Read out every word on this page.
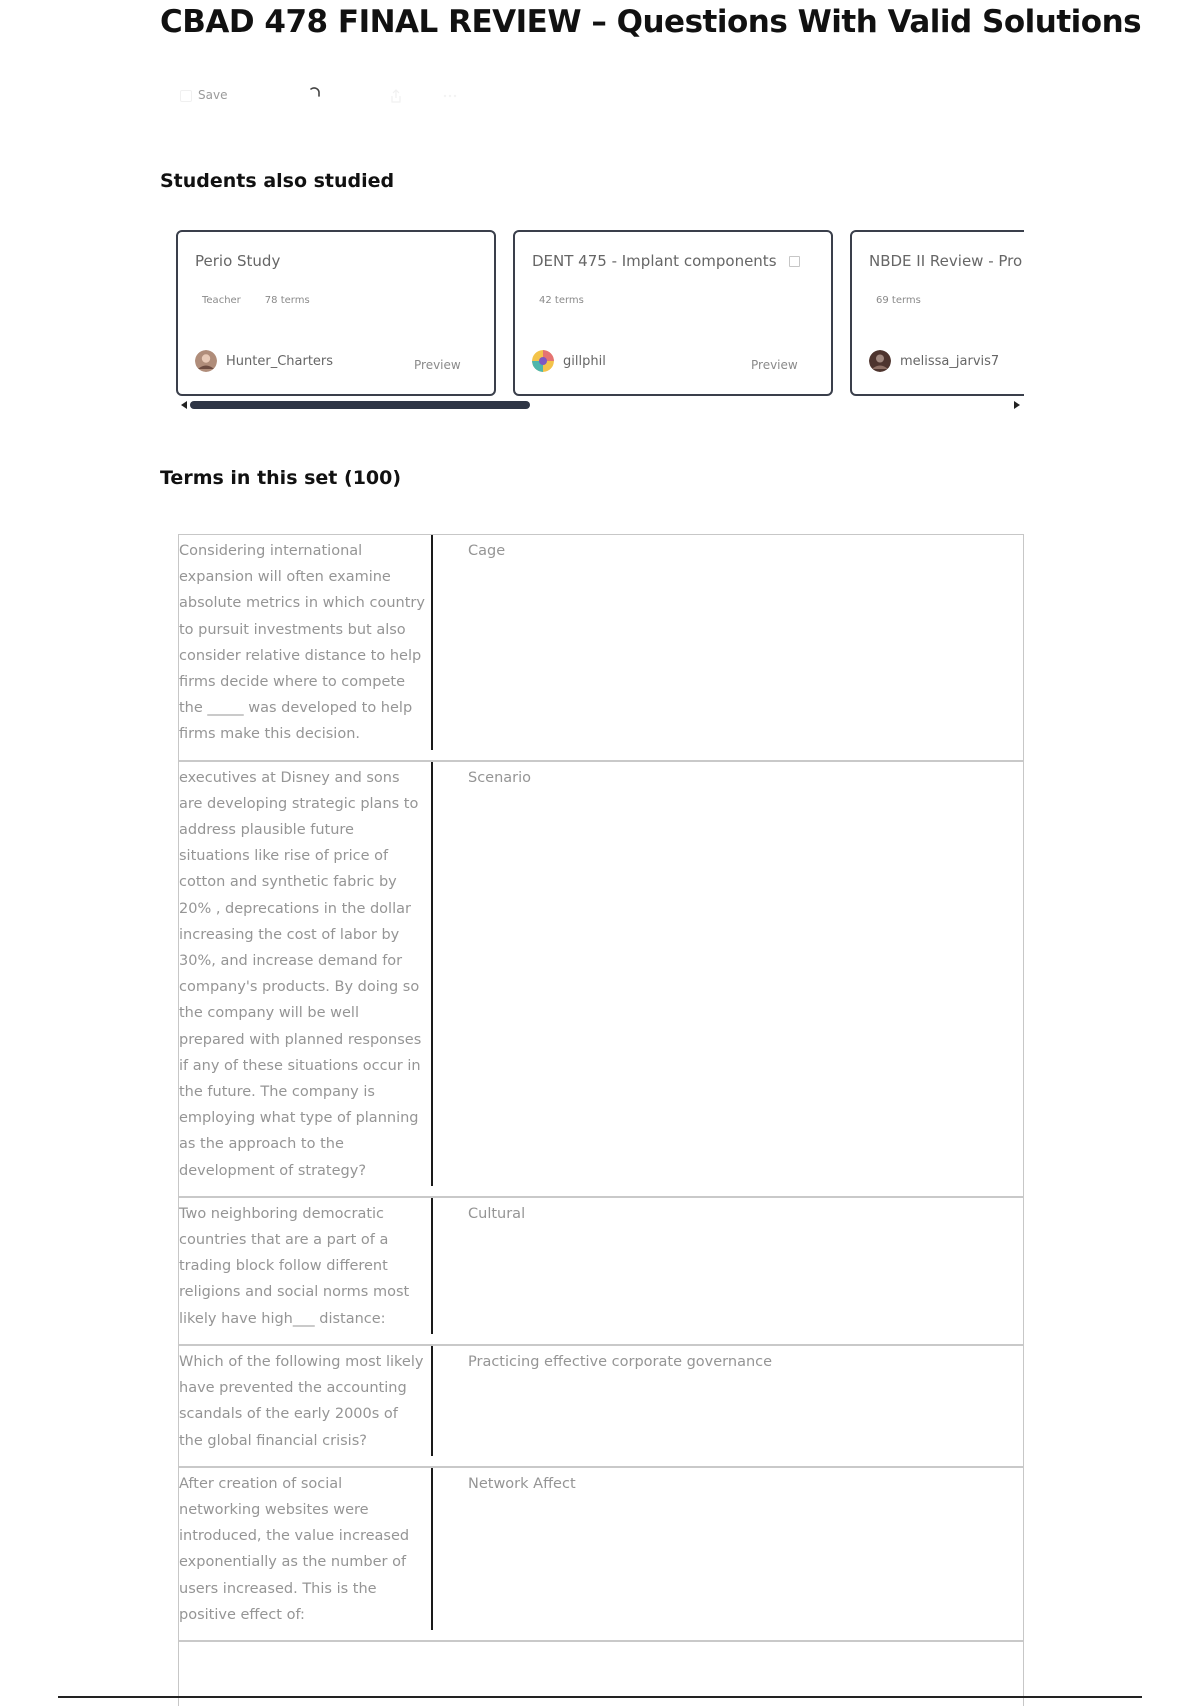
CBAD 478 FINAL REVIEW – Questions With Valid Solutions
Save
Students also studied
Perio Study
Teacher 78 terms
Hunter_Charters	Preview
DENT 475 - Implant components
42 terms
gillphil	Preview
NBDE II Review - Pro
69 terms
melissa_jarvis7
Terms in this set (100)
Considering international expansion will often examine absolute metrics in which country to pursuit investments but also consider relative distance to help firms decide where to compete the _____ was developed to help firms make this decision.
Cage
executives at Disney and sons are developing strategic plans to address plausible future situations like rise of price of cotton and synthetic fabric by 20% , deprecations in the dollar increasing the cost of labor by 30%, and increase demand for company's products. By doing so the company will be well prepared with planned responses if any of these situations occur in the future. The company is employing what type of planning as the approach to the development of strategy?
Scenario
Two neighboring democratic countries that are a part of a trading block follow different religions and social norms most likely have high___ distance:
Cultural
Which of the following most likely have prevented the accounting scandals of the early 2000s of the global financial crisis?
Practicing effective corporate governance
After creation of social networking websites were introduced, the value increased exponentially as the number of users increased. This is the positive effect of:
Network Affect
